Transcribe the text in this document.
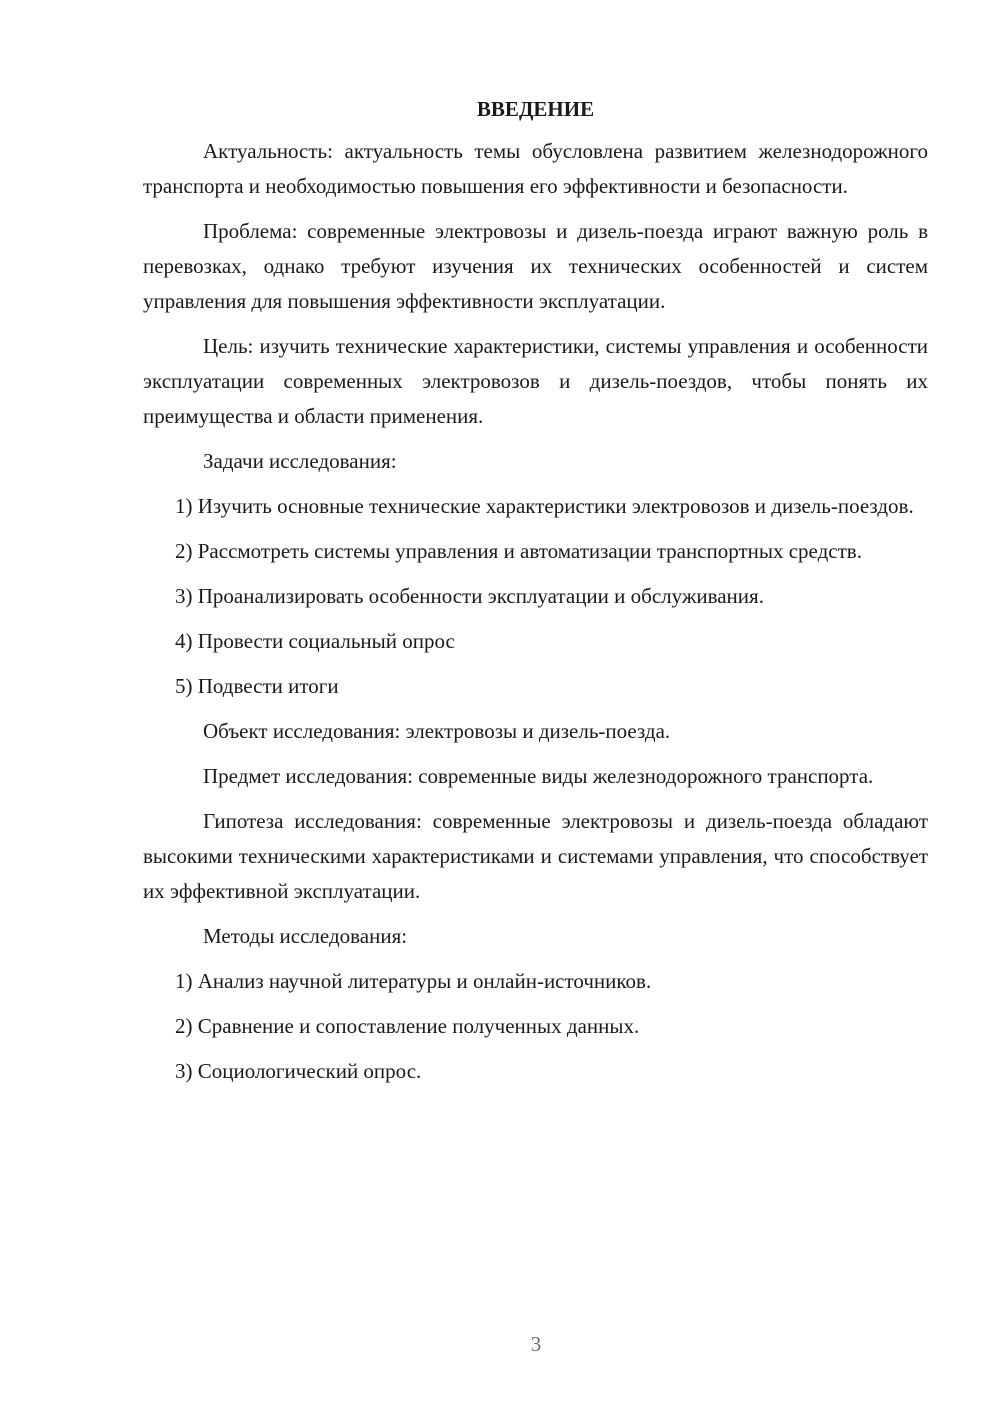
ВВЕДЕНИЕ

Актуальность: актуальность темы обусловлена развитием железнодорожного транспорта и необходимостью повышения его эффективности и безопасности.

Проблема: современные электровозы и дизель-поезда играют важную роль в перевозках, однако требуют изучения их технических особенностей и систем управления для повышения эффективности эксплуатации.

Цель: изучить технические характеристики, системы управления и особенности эксплуатации современных электровозов и дизель-поездов, чтобы понять их преимущества и области применения.

Задачи исследования:

1) Изучить основные технические характеристики электровозов и дизель-поездов.

2) Рассмотреть системы управления и автоматизации транспортных средств.

3) Проанализировать особенности эксплуатации и обслуживания.

4) Провести социальный опрос

5) Подвести итоги

Объект исследования: электровозы и дизель-поезда.

Предмет исследования: современные виды железнодорожного транспорта.

Гипотеза исследования: современные электровозы и дизель-поезда обладают высокими техническими характеристиками и системами управления, что способствует их эффективной эксплуатации.

Методы исследования:

1) Анализ научной литературы и онлайн-источников.

2) Сравнение и сопоставление полученных данных.

3) Социологический опрос.

3
